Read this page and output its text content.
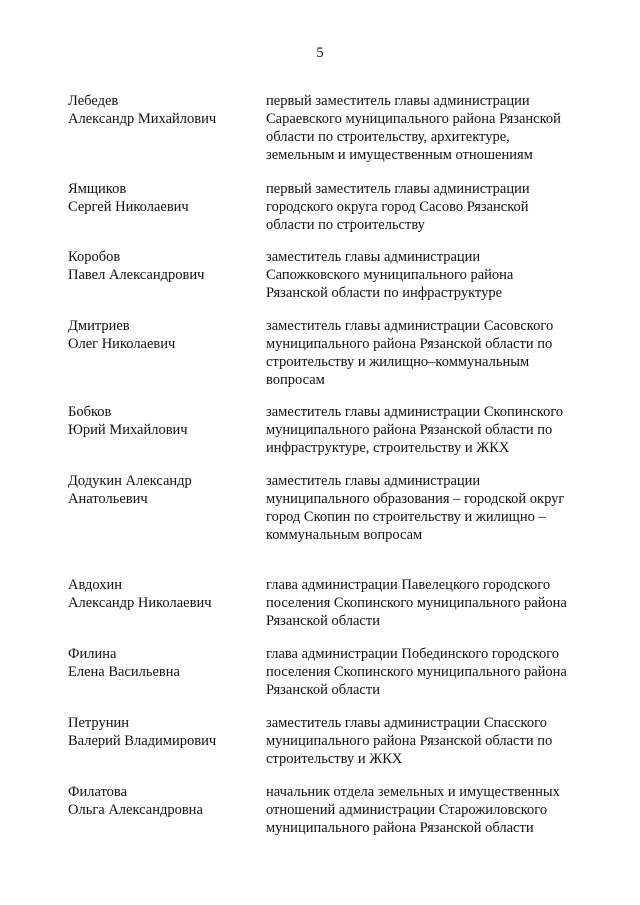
5
Лебедев
Александр Михайлович
первый заместитель главы администрации
Сараевского муниципального района Рязанской
области по строительству, архитектуре,
земельным и имущественным отношениям
Ямщиков
Сергей Николаевич
первый заместитель главы администрации
городского округа город Сасово Рязанской
области по строительству
Коробов
Павел Александрович
заместитель главы администрации
Сапожковского муниципального района
Рязанской области по инфраструктуре
Дмитриев
Олег Николаевич
заместитель главы администрации Сасовского
муниципального района Рязанской области по
строительству и жилищно–коммунальным
вопросам
Бобков
Юрий Михайлович
заместитель главы администрации Скопинского
муниципального района Рязанской области по
инфраструктуре, строительству и ЖКХ
Додукин Александр
Анатольевич
заместитель главы администрации
муниципального образования – городской округ
город Скопин по строительству и жилищно –
коммунальным вопросам
Авдохин
Александр Николаевич
глава администрации Павелецкого городского
поселения Скопинского муниципального района
Рязанской области
Филина
Елена Васильевна
глава администрации Побединского городского
поселения Скопинского муниципального района
Рязанской области
Петрунин
Валерий Владимирович
заместитель главы администрации Спасского
муниципального района Рязанской области по
строительству и ЖКХ
Филатова
Ольга Александровна
начальник отдела земельных и имущественных
отношений администрации Старожиловского
муниципального района Рязанской области
